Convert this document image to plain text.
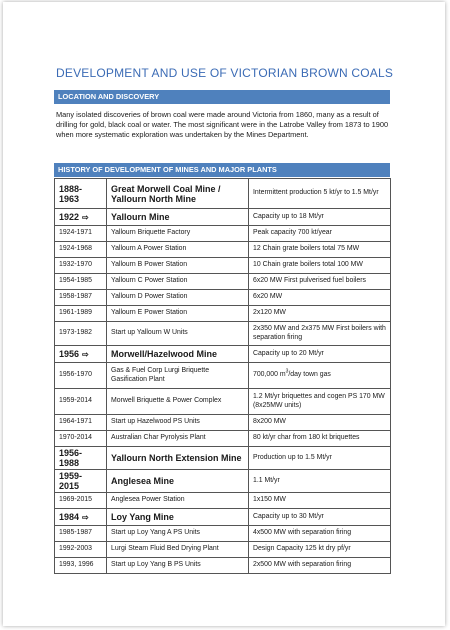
DEVELOPMENT AND USE OF VICTORIAN BROWN COALS
LOCATION AND DISCOVERY
Many isolated discoveries of brown coal were made around Victoria from 1860, many as a result of drilling for gold, black coal or water. The most significant were in the Latrobe Valley from 1873 to 1900 when more systematic exploration was undertaken by the Mines Department.
HISTORY OF DEVELOPMENT OF MINES AND MAJOR PLANTS
1888-1963	Great Morwell Coal Mine / Yallourn North Mine	Intermittent production 5 kt/yr to 1.5 Mt/yr
1922 ⇨	Yallourn Mine	Capacity up to 18 Mt/yr
1924-1971	Yallourn Briquette Factory	Peak capacity 700 kt/year
1924-1968	Yallourn A Power Station	12 Chain grate boilers total 75 MW
1932-1970	Yallourn B Power Station	10 Chain grate boilers total 100 MW
1954-1985	Yallourn C Power Station	6x20 MW First pulverised fuel boilers
1958-1987	Yallourn D Power Station	6x20 MW
1961-1989	Yallourn E Power Station	2x120 MW
1973-1982	Start up Yallourn W Units	2x350 MW and 2x375 MW First boilers with separation firing
1956 ⇨	Morwell/Hazelwood Mine	Capacity up to 20 Mt/yr
1956-1970	Gas & Fuel Corp Lurgi Briquette Gasification Plant	700,000 $m^3$/day town gas
1959-2014	Morwell Briquette & Power Complex	1.2 Mt/yr briquettes and cogen PS 170 MW (8x25MW units)
1964-1971	Start up Hazelwood PS Units	8x200 MW
1970-2014	Australian Char Pyrolysis Plant	80 kt/yr char from 180 kt briquettes
1956-1988	Yallourn North Extension Mine	Production up to 1.5 Mt/yr
1959-2015	Anglesea Mine	1.1 Mt/yr
1969-2015	Anglesea Power Station	1x150 MW
1984 ⇨	Loy Yang Mine	Capacity up to 30 Mt/yr
1985-1987	Start up Loy Yang A PS Units	4x500 MW with separation firing
1992-2003	Lurgi Steam Fluid Bed Drying Plant	Design Capacity 125 kt dry pf/yr
1993, 1996	Start up Loy Yang B PS Units	2x500 MW with separation firing
